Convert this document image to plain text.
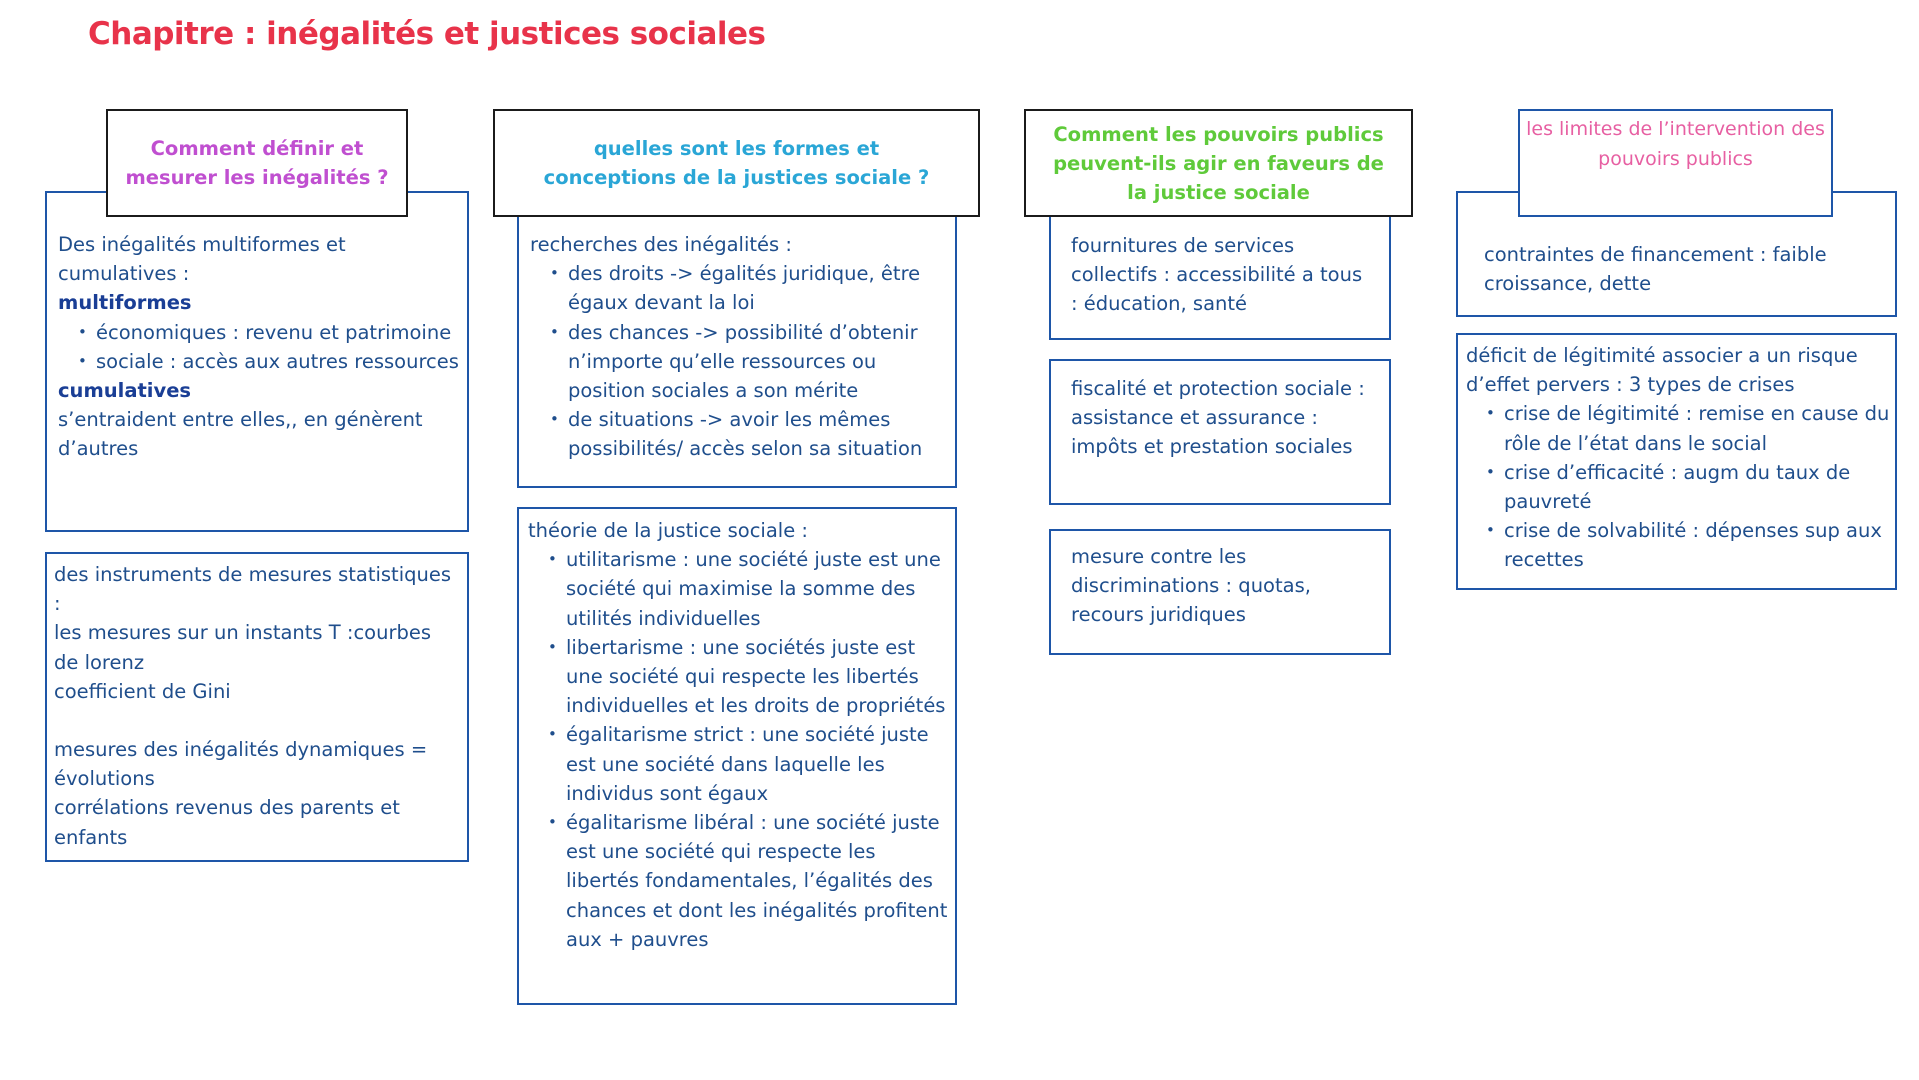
Chapitre : inégalités et justices sociales
Comment définir et mesurer les inégalités ?
Des inégalités multiformes et cumulatives :
multiformes
• économiques : revenu et patrimoine
• sociale : accès aux autres ressources
cumulatives
s’entraident entre elles,, en génèrent d’autres
des instruments de mesures statistiques :
les mesures sur un instants T :courbes de lorenz
coefficient de Gini
mesures des inégalités dynamiques = évolutions
corrélations revenus des parents et enfants
quelles sont les formes et conceptions de la justices sociale ?
recherches des inégalités :
• des droits -> égalités juridique, être égaux devant la loi
• des chances -> possibilité d’obtenir n’importe qu’elle ressources ou position sociales a son mérite
• de situations -> avoir les mêmes possibilités/ accès selon sa situation
théorie de la justice sociale :
• utilitarisme : une société juste est une société qui maximise la somme des utilités individuelles
• libertarisme : une sociétés juste est une société qui respecte les libertés individuelles et les droits de propriétés
• égalitarisme strict : une société juste est une société dans laquelle les individus sont égaux
• égalitarisme libéral : une société juste est une société qui respecte les libertés fondamentales, l’égalités des chances et dont les inégalités profitent aux + pauvres
Comment les pouvoirs publics peuvent-ils agir en faveurs de la justice sociale
fournitures de services collectifs : accessibilité a tous : éducation, santé
fiscalité et protection sociale : assistance et assurance : impôts et prestation sociales
mesure contre les discriminations : quotas, recours juridiques
les limites de l’intervention des pouvoirs publics
contraintes de financement : faible croissance, dette
déficit de légitimité associer a un risque d’effet pervers : 3 types de crises
• crise de légitimité : remise en cause du rôle de l’état dans le social
• crise d’efficacité : augm du taux de pauvreté
• crise de solvabilité : dépenses sup aux recettes
